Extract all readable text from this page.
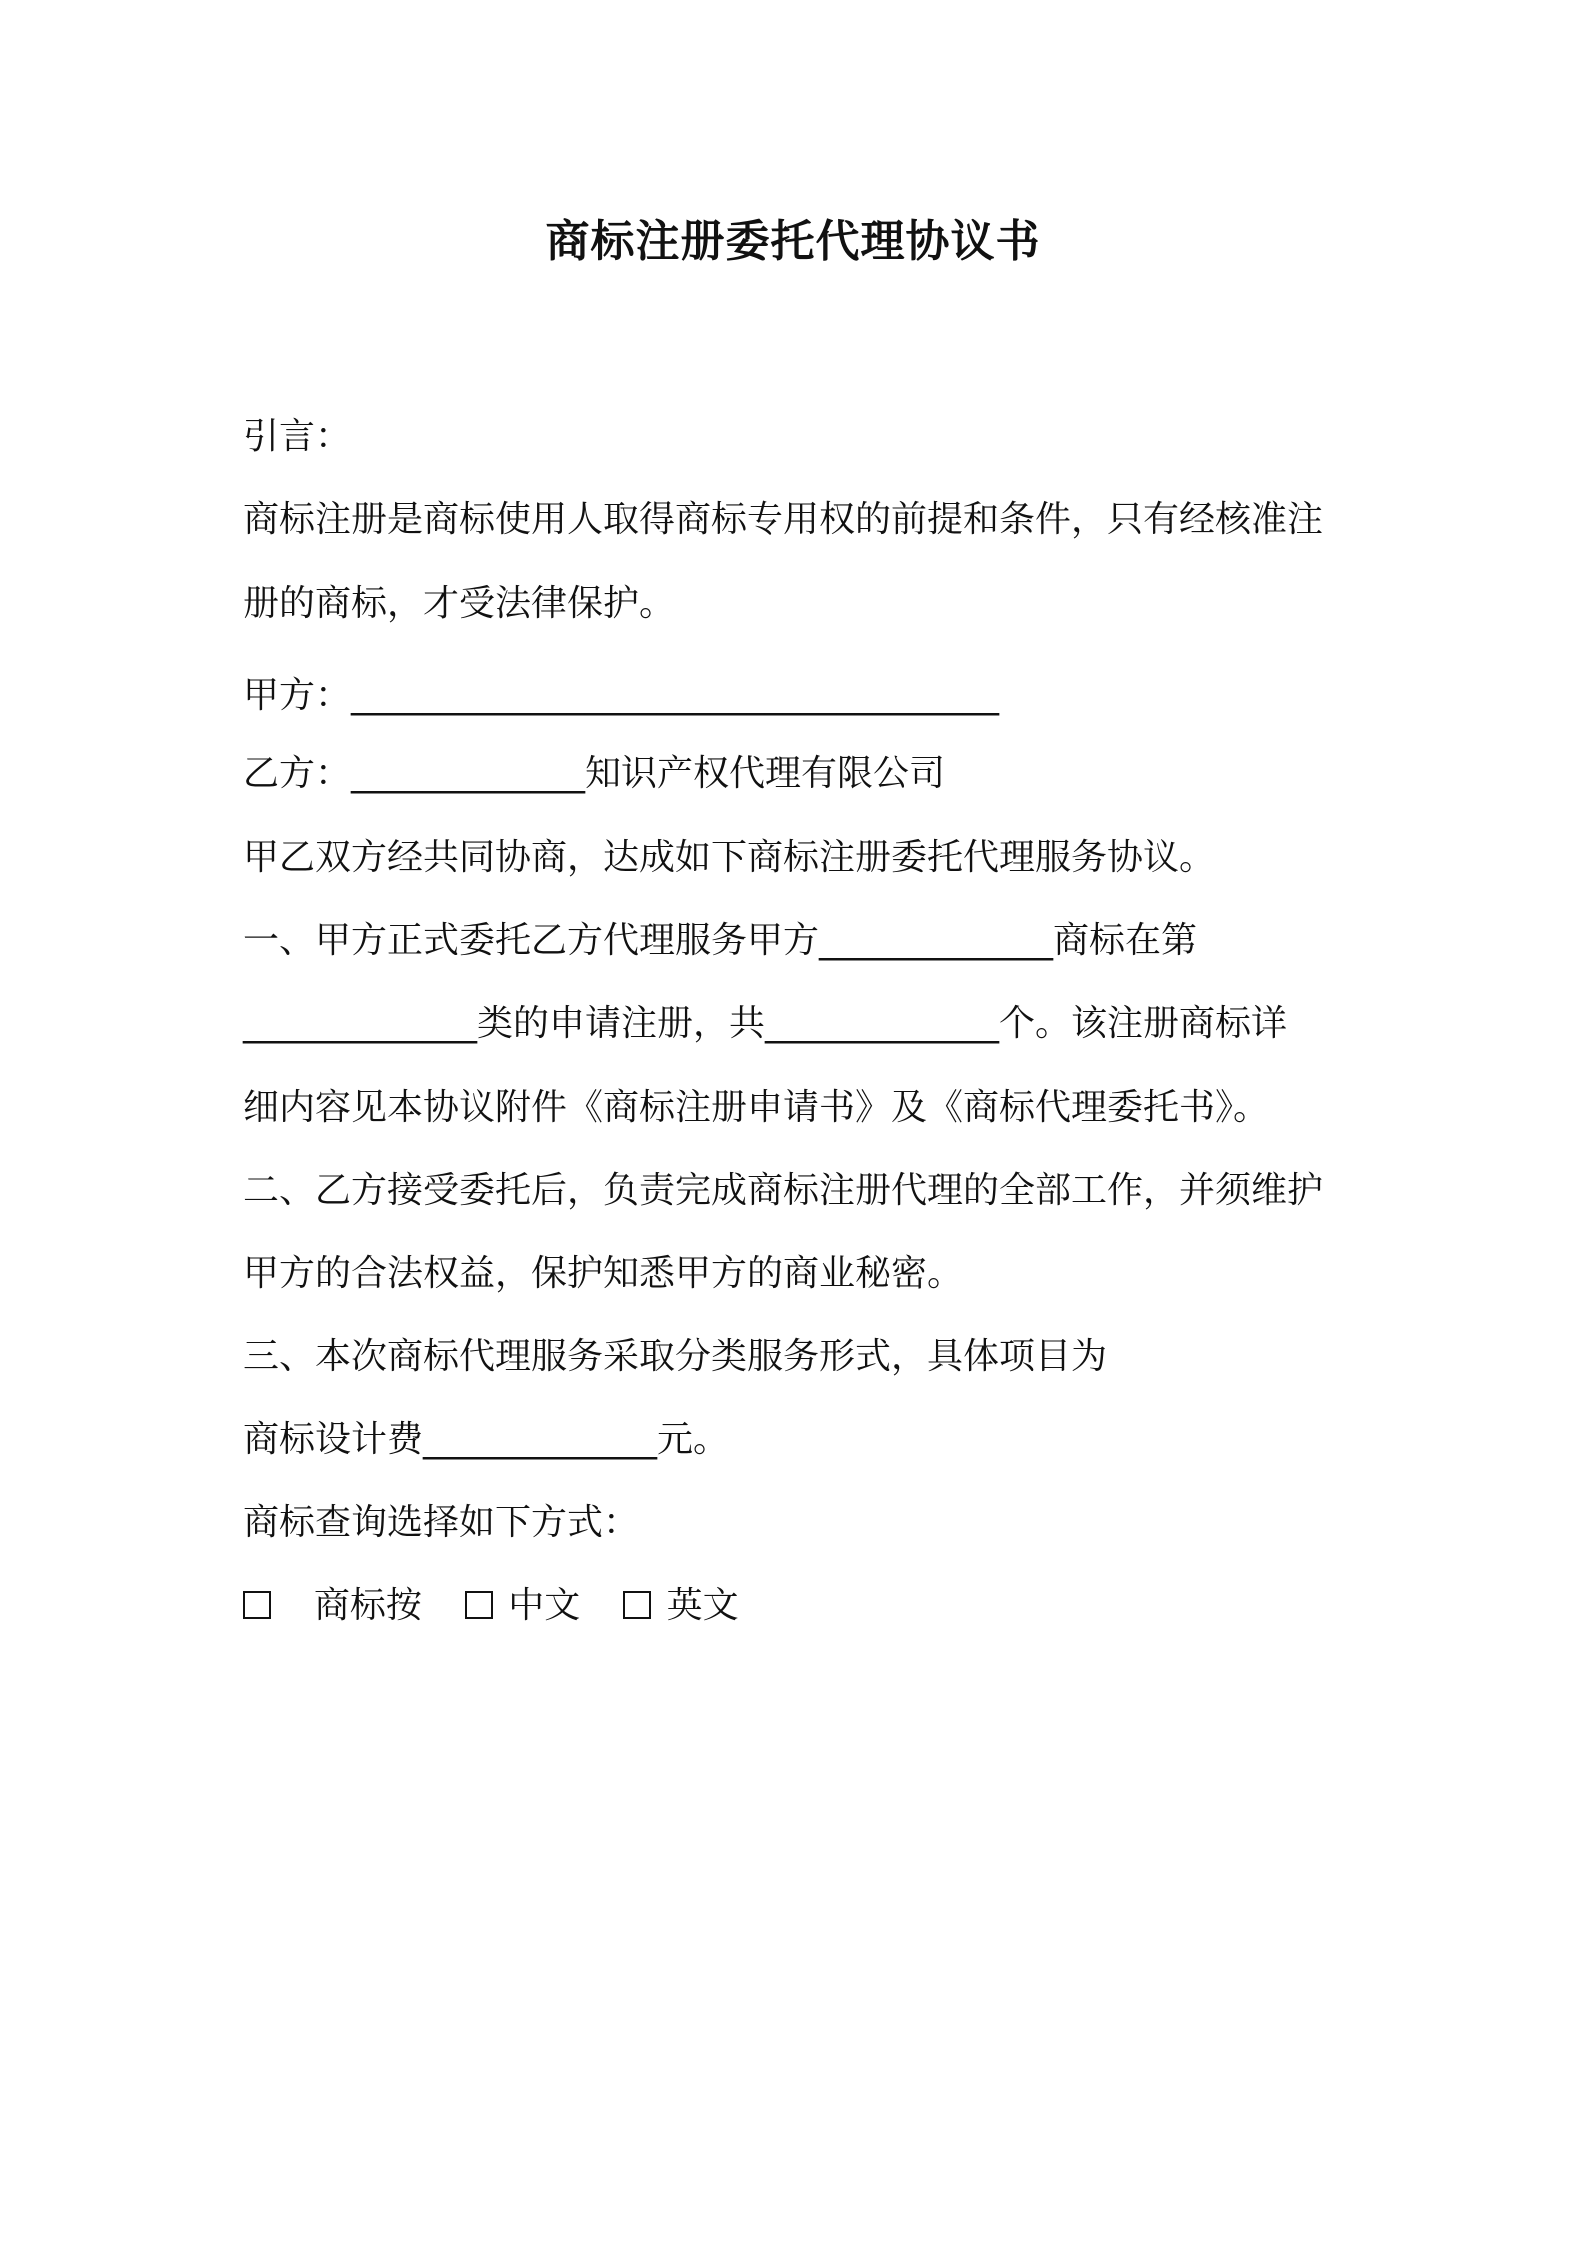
商标注册委托代理协议书
引言：
商标注册是商标使用人取得商标专用权的前提和条件，只有经核准注
册的商标，才受法律保护。
甲方：____________________________________
乙方：_____________知识产权代理有限公司
甲乙双方经共同协商，达成如下商标注册委托代理服务协议。
一、甲方正式委托乙方代理服务甲方_____________商标在第
_____________类的申请注册，共_____________个。该注册商标详
细内容见本协议附件《商标注册申请书》及《商标代理委托书》。
二、乙方接受委托后，负责完成商标注册代理的全部工作，并须维护
甲方的合法权益，保护知悉甲方的商业秘密。
三、本次商标代理服务采取分类服务形式，具体项目为
商标设计费_____________元。
商标查询选择如下方式：
商标按 中文 英文
